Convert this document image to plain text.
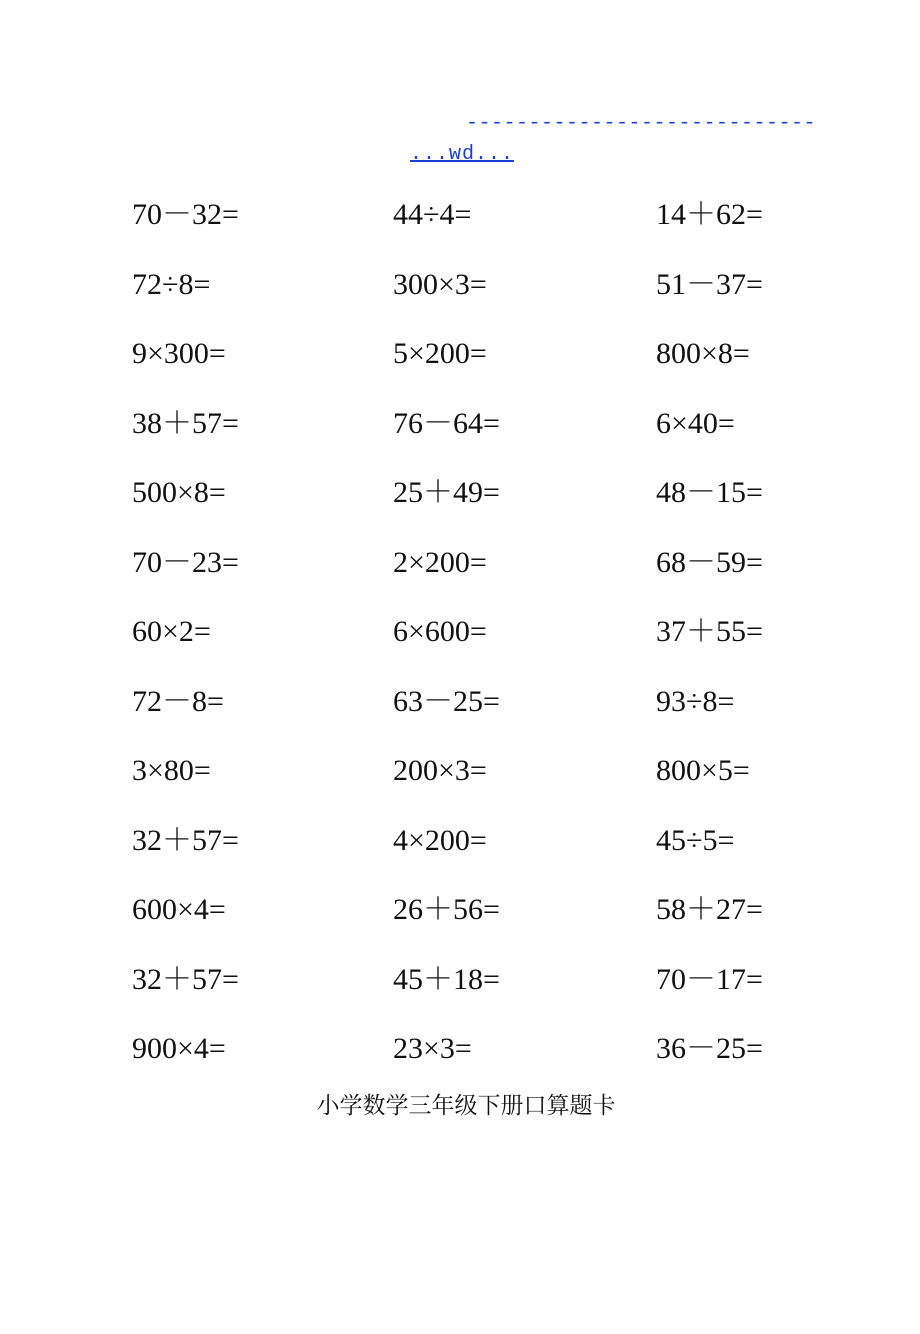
----------------------------
...wd...
70－32=	44÷4=	14＋62=
72÷8=	300×3=	51－37=
9×300=	5×200=	800×8=
38＋57=	76－64=	6×40=
500×8=	25＋49=	48－15=
70－23=	2×200=	68－59=
60×2=	6×600=	37＋55=
72－8=	63－25=	93÷8=
3×80=	200×3=	800×5=
32＋57=	4×200=	45÷5=
600×4=	26＋56=	58＋27=
32＋57=	45＋18=	70－17=
900×4=	23×3=	36－25=
小学数学三年级下册口算题卡
